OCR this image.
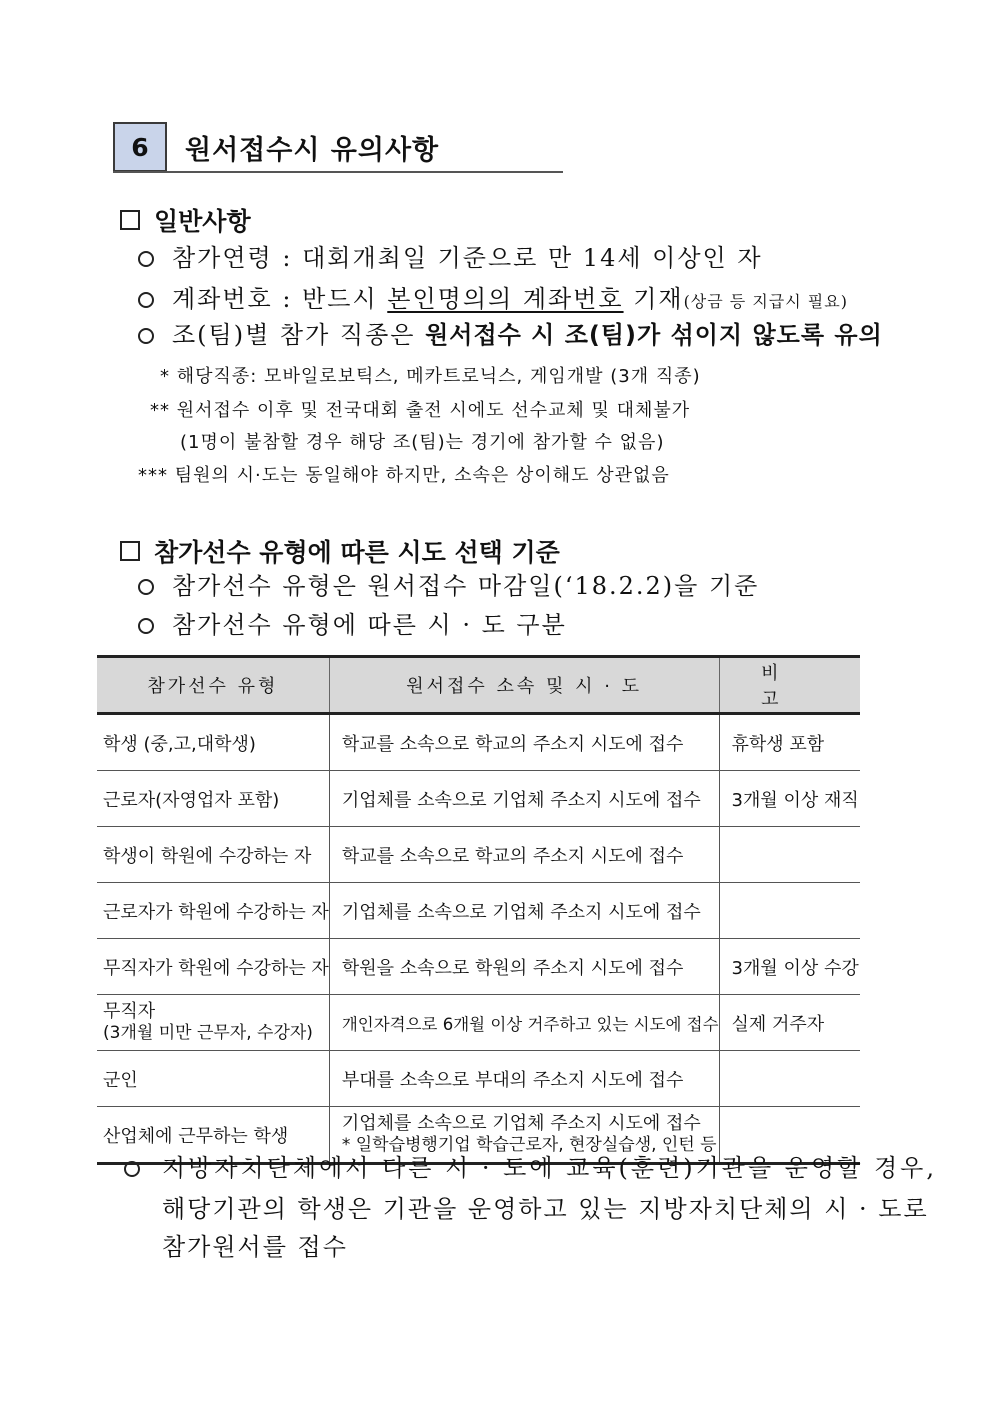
6 원서접수시 유의사항
일반사항
참가연령 : 대회개최일 기준으로 만 14세 이상인 자
계좌번호 : 반드시 본인명의의 계좌번호 기재 (상금 등 지급시 필요)
조(팀)별 참가 직종은 원서접수 시 조(팀)가 섞이지 않도록 유의
* 해당직종: 모바일로보틱스, 메카트로닉스, 게임개발 (3개 직종)
** 원서접수 이후 및 전국대회 출전 시에도 선수교체 및 대체불가
(1명이 불참할 경우 해당 조(팀)는 경기에 참가할 수 없음)
*** 팀원의 시·도는 동일해야 하지만, 소속은 상이해도 상관없음
참가선수 유형에 따른 시도 선택 기준
참가선수 유형은 원서접수 마감일(‘18.2.2)을 기준
참가선수 유형에 따른 시 · 도 구분
참가선수 유형	원서접수 소속 및 시 · 도	비 고
학생 (중,고,대학생)	학교를 소속으로 학교의 주소지 시도에 접수	휴학생 포함
근로자(자영업자 포함)	기업체를 소속으로 기업체 주소지 시도에 접수	3개월 이상 재직
학생이 학원에 수강하는 자	학교를 소속으로 학교의 주소지 시도에 접수	
근로자가 학원에 수강하는 자	기업체를 소속으로 기업체 주소지 시도에 접수	
무직자가 학원에 수강하는 자	학원을 소속으로 학원의 주소지 시도에 접수	3개월 이상 수강

무직자
(3개월 미만 근무자, 수강자)	개인자격으로 6개월 이상 거주하고 있는 시도에 접수	실제 거주자
군인	부대를 소속으로 부대의 주소지 시도에 접수	
산업체에 근무하는 학생	기업체를 소속으로 기업체 주소지 시도에 접수
* 일학습병행기업 학습근로자, 현장실습생, 인턴 등	

지방자치단체에서 다른 시 · 도에 교육(훈련)기관을 운영할 경우,
해당기관의 학생은 기관을 운영하고 있는 지방자치단체의 시 · 도로
참가원서를 접수
